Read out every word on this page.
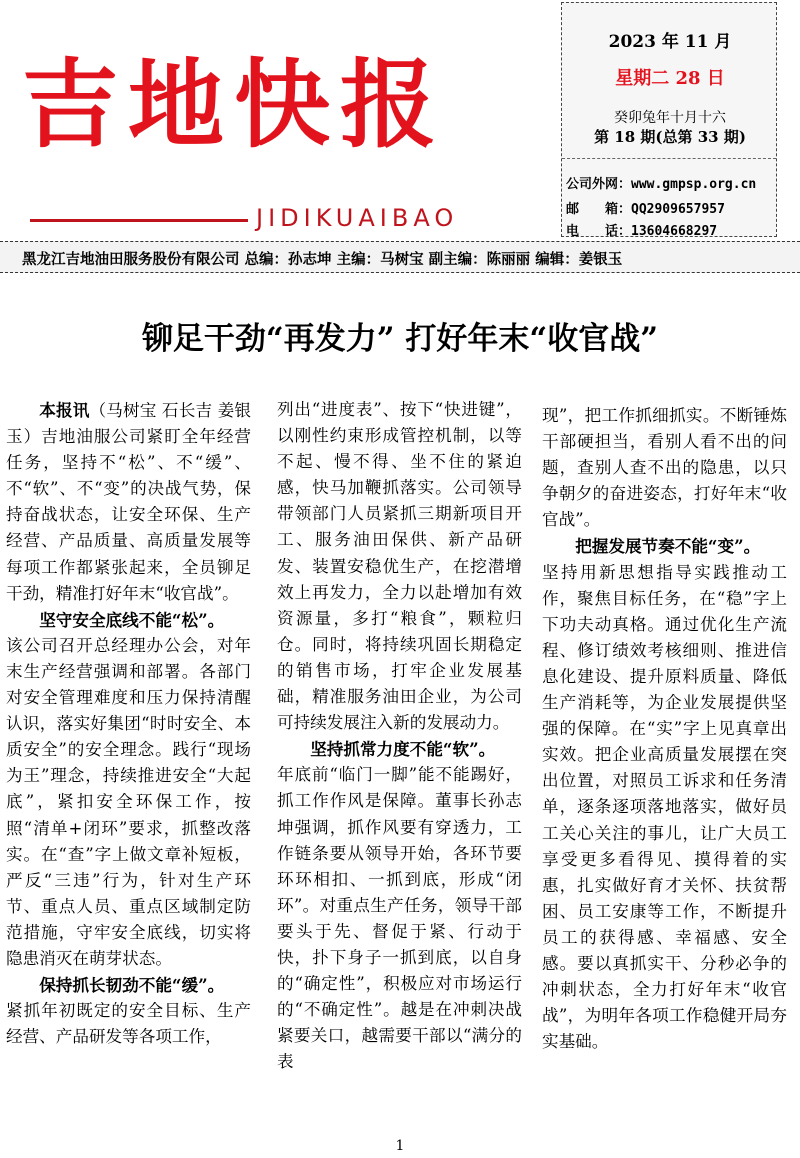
吉地快报
JIDIKUAIBAO
2023 年 11 月
星期二 28 日
癸卯兔年十月十六
第 18 期(总第 33 期)
公司外网：www.gmpsp.org.cn
邮　　箱：QQ2909657957
电　　话：13604668297
黑龙江吉地油田服务股份有限公司 总编：孙志坤 主编：马树宝 副主编：陈丽丽 编辑：姜银玉
铆足干劲“再发力” 打好年末“收官战”

本报讯（马树宝 石长吉 姜银玉）吉地油服公司紧盯全年经营任务，坚持不“松”、不“缓”、不“软”、不“变”的决战气势，保持奋战状态，让安全环保、生产经营、产品质量、高质量发展等每项工作都紧张起来，全员铆足干劲，精准打好年末“收官战”。

坚守安全底线不能“松”。

该公司召开总经理办公会，对年末生产经营强调和部署。各部门对安全管理难度和压力保持清醒认识，落实好集团“时时安全、本质安全”的安全理念。践行“现场为王”理念，持续推进安全“大起底”，紧扣安全环保工作，按照“清单+闭环”要求，抓整改落实。在“查”字上做文章补短板，严反“三违”行为，针对生产环节、重点人员、重点区域制定防范措施，守牢安全底线，切实将隐患消灭在萌芽状态。

保持抓长韧劲不能“缓”。

紧抓年初既定的安全目标、生产经营、产品研发等各项工作，

列出“进度表”、按下“快进键”，以刚性约束形成管控机制，以等不起、慢不得、坐不住的紧迫感，快马加鞭抓落实。公司领导带领部门人员紧抓三期新项目开工、服务油田保供、新产品研发、装置安稳优生产，在挖潜增效上再发力，全力以赴增加有效资源量，多打“粮食”，颗粒归仓。同时，将持续巩固长期稳定的销售市场，打牢企业发展基础，精准服务油田企业，为公司可持续发展注入新的发展动力。

坚持抓常力度不能“软”。

年底前“临门一脚”能不能踢好，抓工作作风是保障。董事长孙志坤强调，抓作风要有穿透力，工作链条要从领导开始，各环节要环环相扣、一抓到底，形成“闭环”。对重点生产任务，领导干部要头于先、督促于紧、行动于快，扑下身子一抓到底，以自身的“确定性”，积极应对市场运行的“不确定性”。越是在冲刺决战紧要关口，越需要干部以“满分的表

现”，把工作抓细抓实。不断锤炼干部硬担当，看别人看不出的问题，查别人查不出的隐患，以只争朝夕的奋进姿态，打好年末“收官战”。

把握发展节奏不能“变”。

坚持用新思想指导实践推动工作，聚焦目标任务，在“稳”字上下功夫动真格。通过优化生产流程、修订绩效考核细则、推进信息化建设、提升原料质量、降低生产消耗等，为企业发展提供坚强的保障。在“实”字上见真章出实效。把企业高质量发展摆在突出位置，对照员工诉求和任务清单，逐条逐项落地落实，做好员工关心关注的事儿，让广大员工享受更多看得见、摸得着的实惠，扎实做好育才关怀、扶贫帮困、员工安康等工作，不断提升员工的获得感、幸福感、安全感。要以真抓实干、分秒必争的冲刺状态，全力打好年末“收官战”，为明年各项工作稳健开局夯实基础。

1
